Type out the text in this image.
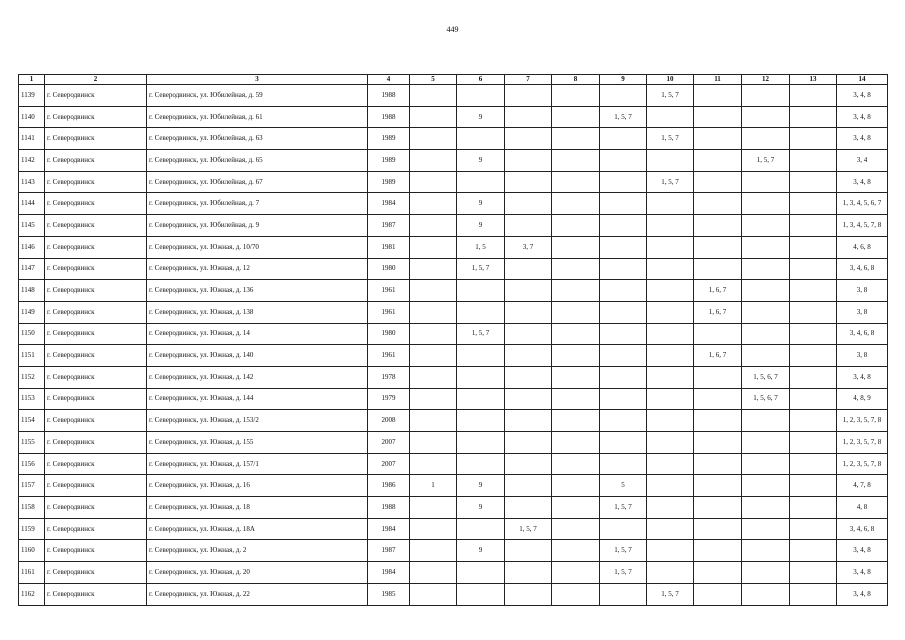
449
1	2	3	4	5	6	7	8	9	10	11	12	13	14
1139	г. Северодвинск	г. Северодвинск, ул. Юбилейная, д. 59	1988						1, 5, 7				3, 4, 8
1140	г. Северодвинск	г. Северодвинск, ул. Юбилейная, д. 61	1988		9			1, 5, 7					3, 4, 8
1141	г. Северодвинск	г. Северодвинск, ул. Юбилейная, д. 63	1989						1, 5, 7				3, 4, 8
1142	г. Северодвинск	г. Северодвинск, ул. Юбилейная, д. 65	1989		9						1, 5, 7		3, 4
1143	г. Северодвинск	г. Северодвинск, ул. Юбилейная, д. 67	1989						1, 5, 7				3, 4, 8
1144	г. Северодвинск	г. Северодвинск, ул. Юбилейная, д. 7	1984		9								1, 3, 4, 5, 6, 7
1145	г. Северодвинск	г. Северодвинск, ул. Юбилейная, д. 9	1987		9								1, 3, 4, 5, 7, 8
1146	г. Северодвинск	г. Северодвинск, ул. Южная, д. 10/70	1981		1, 5	3, 7							4, 6, 8
1147	г. Северодвинск	г. Северодвинск, ул. Южная, д. 12	1980		1, 5, 7								3, 4, 6, 8
1148	г. Северодвинск	г. Северодвинск, ул. Южная, д. 136	1961							1, 6, 7			3, 8
1149	г. Северодвинск	г. Северодвинск, ул. Южная, д. 138	1961							1, 6, 7			3, 8
1150	г. Северодвинск	г. Северодвинск, ул. Южная, д. 14	1980		1, 5, 7								3, 4, 6, 8
1151	г. Северодвинск	г. Северодвинск, ул. Южная, д. 140	1961							1, 6, 7			3, 8
1152	г. Северодвинск	г. Северодвинск, ул. Южная, д. 142	1978								1, 5, 6, 7		3, 4, 8
1153	г. Северодвинск	г. Северодвинск, ул. Южная, д. 144	1979								1, 5, 6, 7		4, 8, 9
1154	г. Северодвинск	г. Северодвинск, ул. Южная, д. 153/2	2008										1, 2, 3, 5, 7, 8
1155	г. Северодвинск	г. Северодвинск, ул. Южная, д. 155	2007										1, 2, 3, 5, 7, 8
1156	г. Северодвинск	г. Северодвинск, ул. Южная, д. 157/1	2007										1, 2, 3, 5, 7, 8
1157	г. Северодвинск	г. Северодвинск, ул. Южная, д. 16	1986	1	9			5					4, 7, 8
1158	г. Северодвинск	г. Северодвинск, ул. Южная, д. 18	1988		9			1, 5, 7					4, 8
1159	г. Северодвинск	г. Северодвинск, ул. Южная, д. 18А	1984			1, 5, 7							3, 4, 6, 8
1160	г. Северодвинск	г. Северодвинск, ул. Южная, д. 2	1987		9			1, 5, 7					3, 4, 8
1161	г. Северодвинск	г. Северодвинск, ул. Южная, д. 20	1984					1, 5, 7					3, 4, 8
1162	г. Северодвинск	г. Северодвинск, ул. Южная, д. 22	1985						1, 5, 7				3, 4, 8
